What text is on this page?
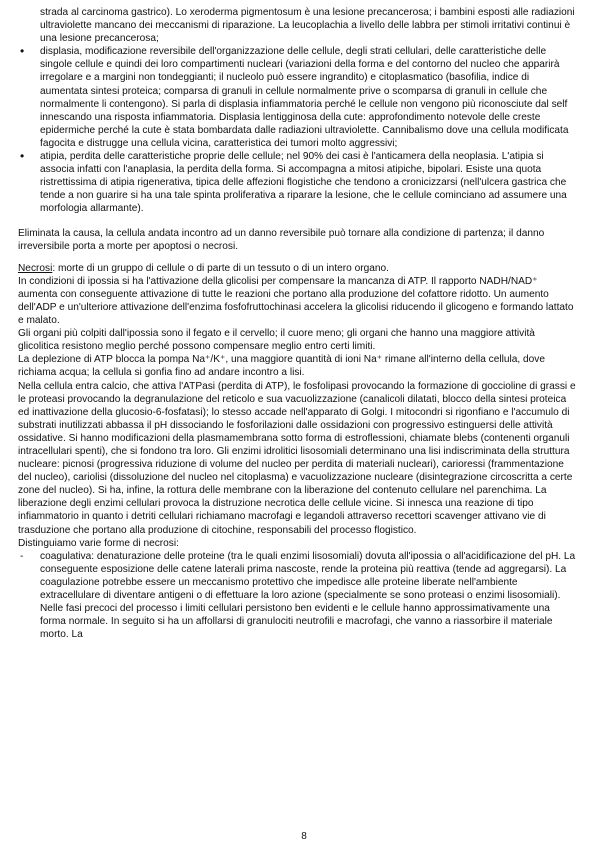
strada al carcinoma gastrico). Lo xeroderma pigmentosum è una lesione precancerosa; i bambini esposti alle radiazioni ultraviolette mancano dei meccanismi di riparazione. La leucoplachia a livello delle labbra per stimoli irritativi continui è una lesione precancerosa;

• displasia, modificazione reversibile dell'organizzazione delle cellule, degli strati cellulari, delle caratteristiche delle singole cellule e quindi dei loro compartimenti nucleari (variazioni della forma e del contorno del nucleo che apparirà irregolare e a margini non tondeggianti; il nucleolo può essere ingrandito) e citoplasmatico (basofilia, indice di aumentata sintesi proteica; comparsa di granuli in cellule normalmente prive o scomparsa di granuli in cellule che normalmente li contengono). Si parla di displasia infiammatoria perché le cellule non vengono più riconosciute dal self innescando una risposta infiammatoria. Displasia lentigginosa della cute: approfondimento notevole delle creste epidermiche perché la cute è stata bombardata dalle radiazioni ultraviolette. Cannibalismo dove una cellula modificata fagocita e distrugge una cellula vicina, caratteristica dei tumori molto aggressivi;
• atipia, perdita delle caratteristiche proprie delle cellule; nel 90% dei casi è l'anticamera della neoplasia. L'atipia si associa infatti con l'anaplasia, la perdita della forma. Si accompagna a mitosi atipiche, bipolari. Esiste una quota ristrettissima di atipia rigenerativa, tipica delle affezioni flogistiche che tendono a cronicizzarsi (nell'ulcera gastrica che tende a non guarire si ha una tale spinta proliferativa a riparare la lesione, che le cellule cominciano ad assumere una morfologia allarmante).

Eliminata la causa, la cellula andata incontro ad un danno reversibile può tornare alla condizione di partenza; il danno irreversibile porta a morte per apoptosi o necrosi.

Necrosi: morte di un gruppo di cellule o di parte di un tessuto o di un intero organo.

In condizioni di ipossia si ha l'attivazione della glicolisi per compensare la mancanza di ATP. Il rapporto NADH/NAD⁺ aumenta con conseguente attivazione di tutte le reazioni che portano alla produzione del cofattore ridotto. Un aumento dell'ADP e un'ulteriore attivazione dell'enzima fosfofruttochinasi accelera la glicolisi riducendo il glicogeno e formando lattato e malato.

Gli organi più colpiti dall'ipossia sono il fegato e il cervello; il cuore meno; gli organi che hanno una maggiore attività glicolitica resistono meglio perché possono compensare meglio entro certi limiti.

La deplezione di ATP blocca la pompa Na⁺/K⁺, una maggiore quantità di ioni Na⁺ rimane all'interno della cellula, dove richiama acqua; la cellula si gonfia fino ad andare incontro a lisi.

Nella cellula entra calcio, che attiva l'ATPasi (perdita di ATP), le fosfolipasi provocando la formazione di goccioline di grassi e le proteasi provocando la degranulazione del reticolo e sua vacuolizzazione (canalicoli dilatati, blocco della sintesi proteica ed inattivazione della glucosio-6-fosfatasi); lo stesso accade nell'apparato di Golgi. I mitocondri si rigonfiano e l'accumulo di substrati inutilizzati abbassa il pH dissociando le fosforilazioni dalle ossidazioni con progressivo estinguersi delle attività ossidative. Si hanno modificazioni della plasmamembrana sotto forma di estroflessioni, chiamate blebs (contenenti organuli intracellulari spenti), che si fondono tra loro. Gli enzimi idrolitici lisosomiali determinano una lisi indiscriminata della struttura nucleare: picnosi (progressiva riduzione di volume del nucleo per perdita di materiali nucleari), carioressi (frammentazione del nucleo), cariolisi (dissoluzione del nucleo nel citoplasma) e vacuolizzazione nucleare (disintegrazione circoscritta a certe zone del nucleo). Si ha, infine, la rottura delle membrane con la liberazione del contenuto cellulare nel parenchima. La liberazione degli enzimi cellulari provoca la distruzione necrotica delle cellule vicine. Si innesca una reazione di tipo infiammatorio in quanto i detriti cellulari richiamano macrofagi e legandoli attraverso recettori scavenger attivano vie di trasduzione che portano alla produzione di citochine, responsabili del processo flogistico.

Distinguiamo varie forme di necrosi:

- coagulativa: denaturazione delle proteine (tra le quali enzimi lisosomiali) dovuta all'ipossia o all'acidificazione del pH. La conseguente esposizione delle catene laterali prima nascoste, rende la proteina più reattiva (tende ad aggregarsi). La coagulazione potrebbe essere un meccanismo protettivo che impedisce alle proteine liberate nell'ambiente extracellulare di diventare antigeni o di effettuare la loro azione (specialmente se sono proteasi o enzimi lisosomiali). Nelle fasi precoci del processo i limiti cellulari persistono ben evidenti e le cellule hanno approssimativamente una forma normale. In seguito si ha un affollarsi di granulociti neutrofili e macrofagi, che vanno a riassorbire il materiale morto. La
8
